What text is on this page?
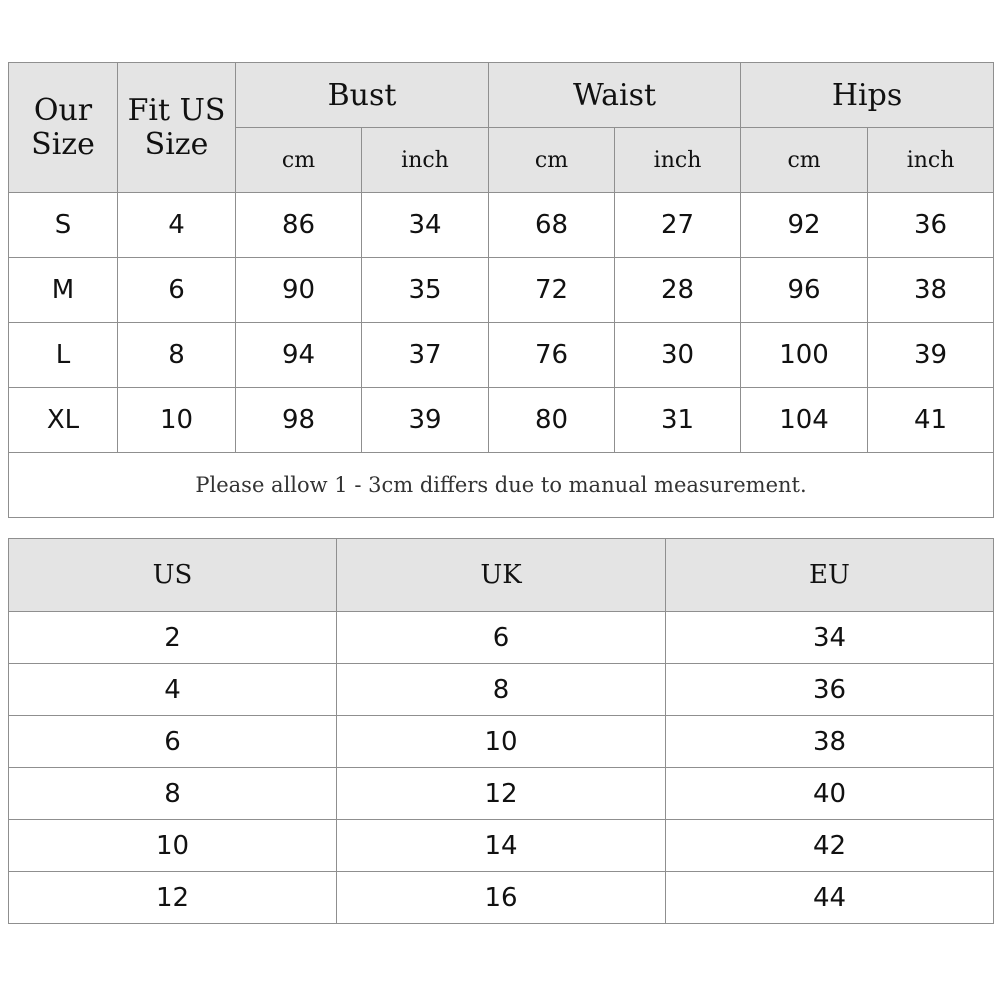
Our Size	Fit US Size	Bust		Waist		Hips	
		cm	inch	cm	inch	cm	inch
S	4	86	34	68	27	92	36
M	6	90	35	72	28	96	38
L	8	94	37	76	30	100	39
XL	10	98	39	80	31	104	41
Please allow 1 - 3cm differs due to manual measurement.							
US	UK	EU
2	6	34
4	8	36
6	10	38
8	12	40
10	14	42
12	16	44
